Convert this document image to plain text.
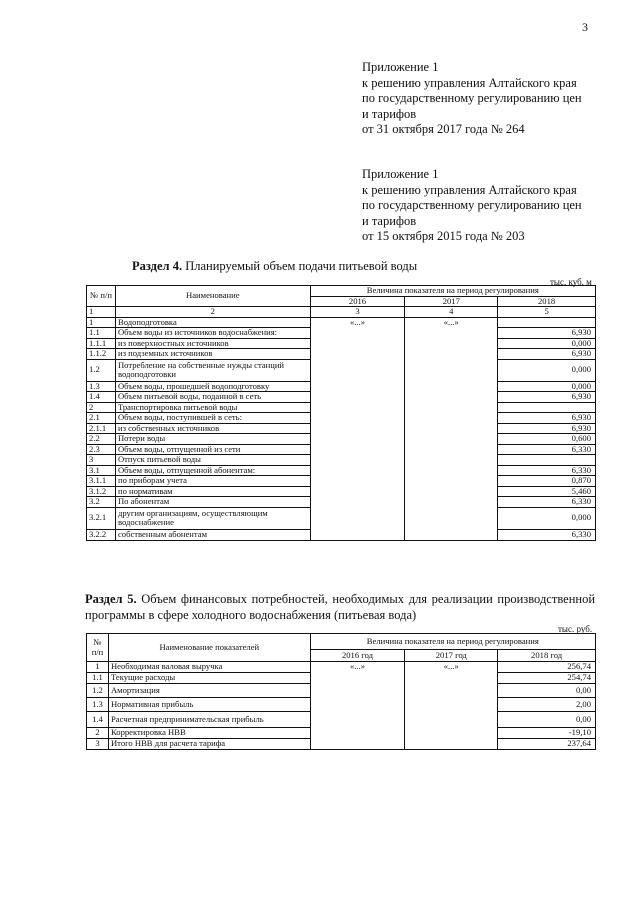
3
Приложение 1
к решению управления Алтайского края
по государственному регулированию цен
и тарифов
от 31 октября 2017 года № 264
Приложение 1
к решению управления Алтайского края
по государственному регулированию цен
и тарифов
от 15 октября 2015 года № 203
Раздел 4. Планируемый объем подачи питьевой воды
тыс. куб. м
№ п/п	Наименование	Величина показателя на период регулирования		
		2016	2017	2018
1	2	3	4	5
1	Водоподготовка	«...»	«...»	
1.1	Объем воды из источников водоснабжения:			6,930
1.1.1	из поверхностных источников			0,000
1.1.2	из подземных источников			6,930
1.2	Потребление на собственные нужды станций водоподготовки			0,000
1.3	Объем воды, прошедшей водоподготовку			0,000
1.4	Объем питьевой воды, поданной в сеть			6,930
2	Транспортировка питьевой воды			
2.1	Объем воды, поступившей в сеть:			6,930
2.1.1	из собственных источников			6,930
2.2	Потери воды			0,600
2.3	Объем воды, отпущенной из сети			6,330
3	Отпуск питьевой воды			
3.1	Объем воды, отпущенной абонентам:			6,330
3.1.1	по приборам учета			0,870
3.1.2	по нормативам			5,460
3.2	По абонентам			6,330
3.2.1	другим организациям, осуществляющим водоснабжение			0,000
3.2.2	собственным абонентам			6,330
Раздел 5. Объем финансовых потребностей, необходимых для реализации производственной программы в сфере холодного водоснабжения (питьевая вода)
тыс. руб.
№ п/п	Наименование показателей	Величина показателя на период регулирования		
		2016 год	2017 год	2018 год
1	Необходимая валовая выручка	«...»	«...»	256,74
1.1	Текущие расходы			254,74
1.2	Амортизация			0,00
1.3	Нормативная прибыль			2,00
1.4	Расчетная предпринимательская прибыль			0,00
2	Корректировка НВВ			-19,10
3	Итого НВВ для расчета тарифа			237,64
